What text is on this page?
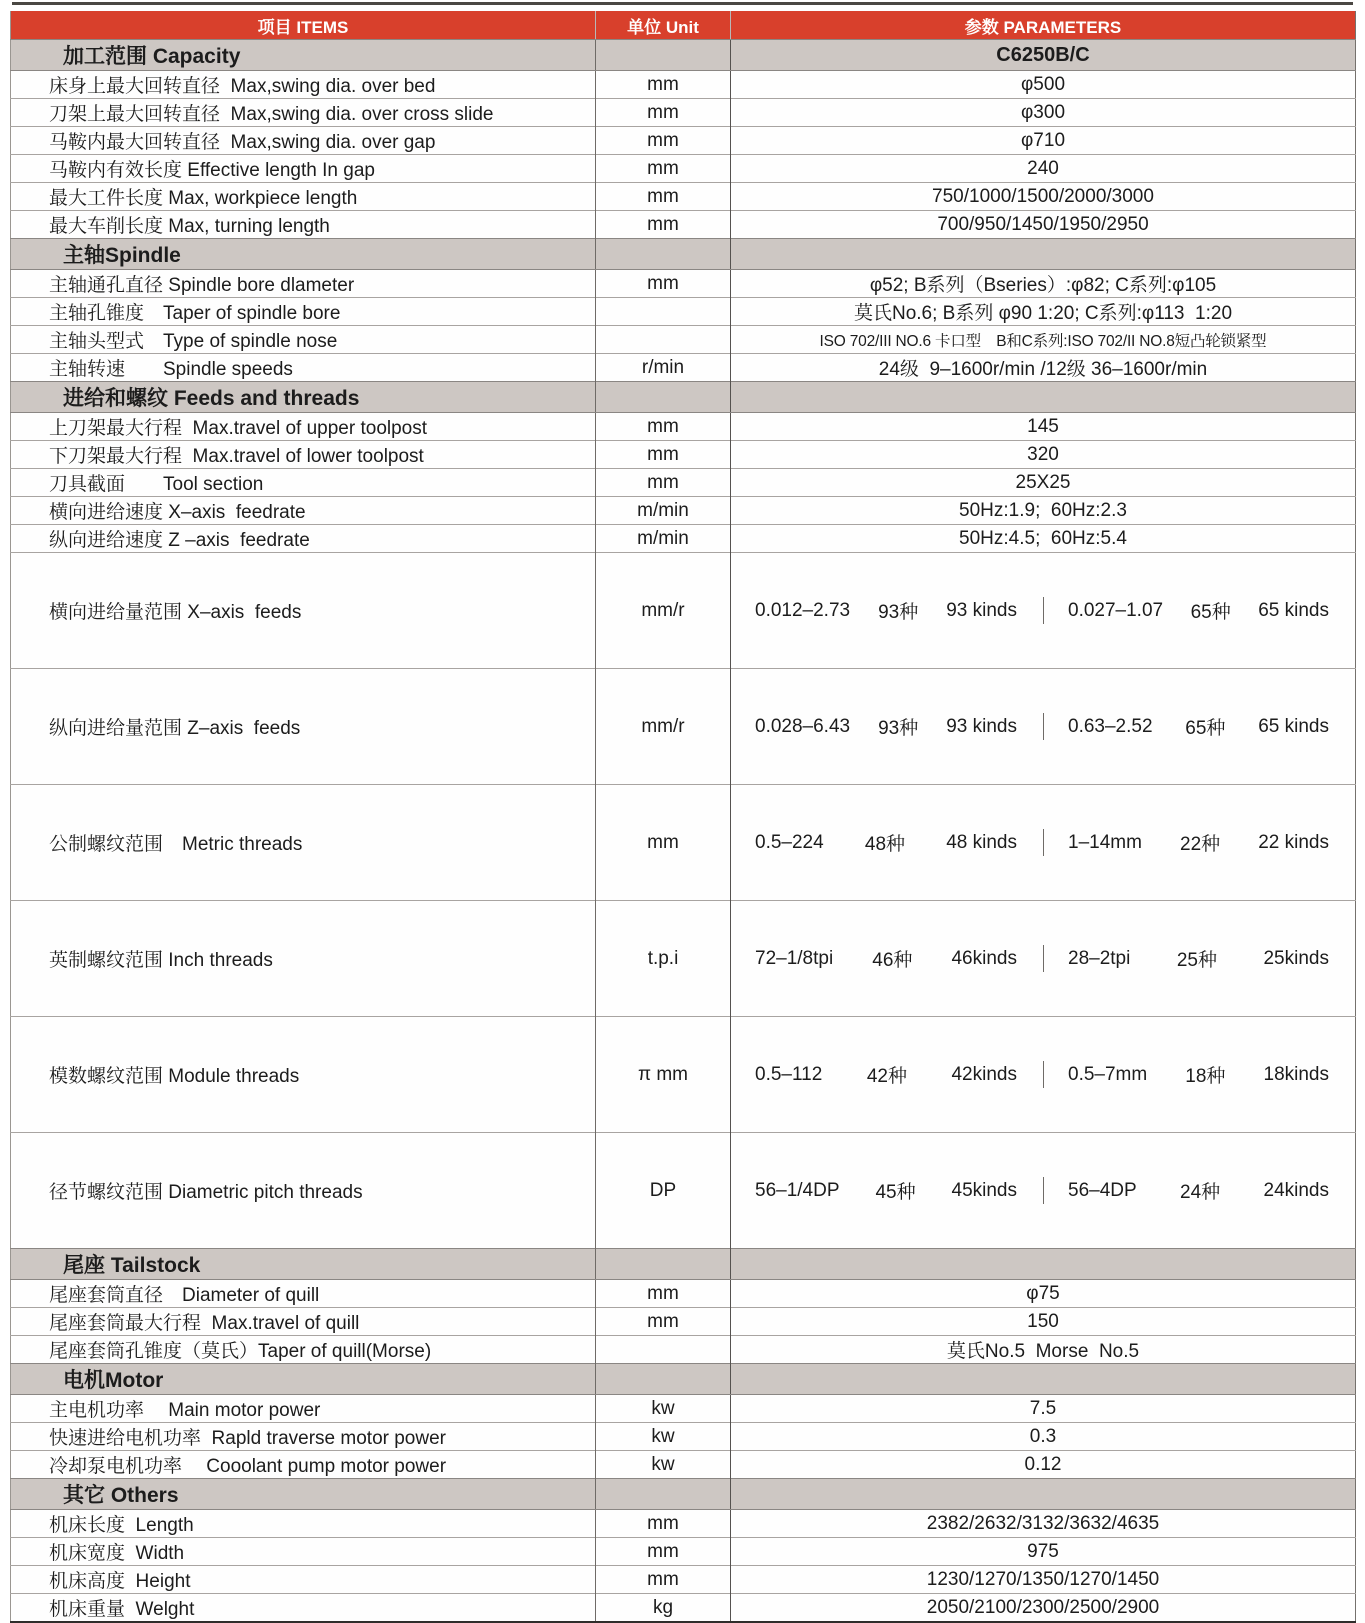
项目 ITEMS	单位 Unit	参数 PARAMETERS
加工范围 Capacity		C6250B/C
床身上最大回转直径  Max,swing dia. over bed	mm	φ500
刀架上最大回转直径  Max,swing dia. over cross slide	mm	φ300
马鞍内最大回转直径  Max,swing dia. over gap	mm	φ710
马鞍内有效长度 Effective length In gap	mm	240
最大工件长度 Max, workpiece length	mm	750/1000/1500/2000/3000
最大车削长度 Max, turning length	mm	700/950/1450/1950/2950
主轴Spindle		
主轴通孔直径 Spindle bore dlameter	mm	φ52; B系列（Bseries）:φ82; C系列:φ105
主轴孔锥度　Taper of spindle bore		莫氏No.6; B系列 φ90 1:20; C系列:φ113  1:20
主轴头型式　Type of spindle nose		ISO 702/III NO.6 卡口型　B和C系列:ISO 702/II NO.8短凸轮锁紧型
主轴转速　　Spindle speeds	r/min	24级  9–1600r/min /12级 36–1600r/min
进给和螺纹 Feeds and threads		
上刀架最大行程  Max.travel of upper toolpost	mm	145
下刀架最大行程  Max.travel of lower toolpost	mm	320
刀具截面　　Tool section	mm	25X25
横向进给速度 X–axis  feedrate	m/min	50Hz:1.9;  60Hz:2.3
纵向进给速度 Z –axis  feedrate	m/min	50Hz:4.5;  60Hz:5.4
横向进给量范围 X–axis  feeds	mm/r	0.012–2.73 93种 93 kinds	0.027–1.07 65种 65 kinds

纵向进给量范围 Z–axis  feeds	mm/r	0.028–6.43 93种 93 kinds	0.63–2.52 65种 65 kinds

公制螺纹范围　Metric threads	mm	0.5–224 48种 48 kinds	1–14mm 22种 22 kinds

英制螺纹范围 Inch threads	t.p.i	72–1/8tpi 46种 46kinds	28–2tpi 25种 25kinds

模数螺纹范围 Module threads	π mm	0.5–112 42种 42kinds	0.5–7mm 18种 18kinds

径节螺纹范围 Diametric pitch threads	DP	56–1/4DP 45种 45kinds	56–4DP 24种 24kinds

尾座 Tailstock		
尾座套筒直径　Diameter of quill	mm	φ75
尾座套筒最大行程  Max.travel of quill	mm	150
尾座套筒孔锥度（莫氏）Taper of quill(Morse)		莫氏No.5  Morse  No.5
电机Motor		
主电机功率　 Main motor power	kw	7.5
快速进给电机功率  Rapld traverse motor power	kw	0.3
冷却泵电机功率　 Cooolant pump motor power	kw	0.12
其它 Others		
机床长度  Length	mm	2382/2632/3132/3632/4635
机床宽度  Width	mm	975
机床高度  Height	mm	1230/1270/1350/1270/1450
机床重量  Welght	kg	2050/2100/2300/2500/2900
